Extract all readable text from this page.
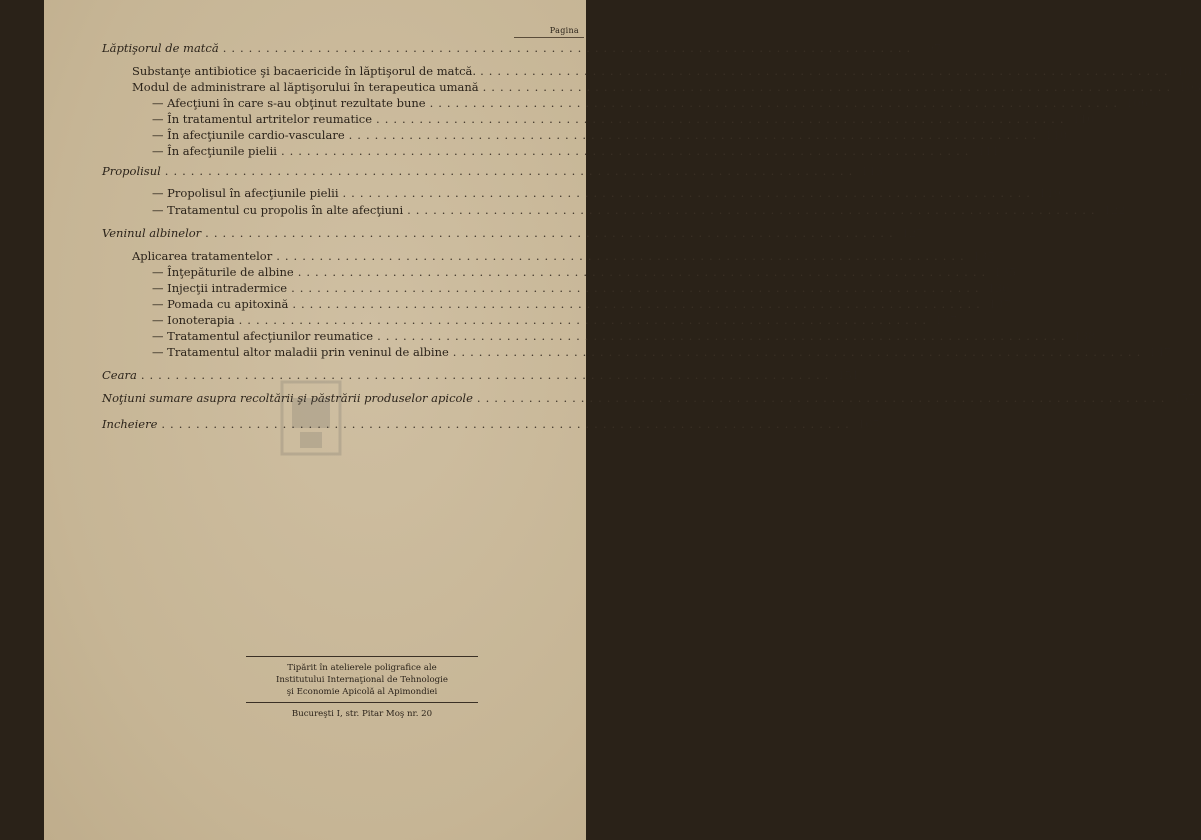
Pagina
Lăptişorul de matcă ................................................................................ 97
Substanţe antibiotice şi bacaericide în lăptişorul de matcă. ................................................................................ 103
Modul de administrare al lăptişorului în terapeutica umană ................................................................................ 103
— Afecţiuni în care s-au obţinut rezultate bune ................................................................................ 106
— În tratamentul artritelor reumatice ................................................................................ 110
— În afecţiunile cardio-vasculare ................................................................................ 110
— În afecţiunile pielii ................................................................................ 111
Propolisul ................................................................................ 113
— Propolisul în afecţiunile pielii ................................................................................ 119
— Tratamentul cu propolis în alte afecţiuni ................................................................................ 122
Veninul albinelor ................................................................................ 127
Aplicarea tratamentelor ................................................................................ 135
— Înţepăturile de albine ................................................................................ 135
— Injecţii intradermice ................................................................................ 136
— Pomada cu apitoxină ................................................................................ 137
— Ionoterapia ................................................................................ 137
— Tratamentul afecţiunilor reumatice ................................................................................ 138
— Tratamentul altor maladii prin veninul de albine ................................................................................ 147
Ceara ................................................................................ 151
Noţiuni sumare asupra recoltării şi păstrării produselor apicole ................................................................................ 157
Incheiere ................................................................................ 165
Tipărit în atelierele poligrafice ale
Institutului Internaţional de Tehnologie
şi Economie Apicolă al Apimondiei
Bucureşti I, str. Pitar Moş nr. 20
